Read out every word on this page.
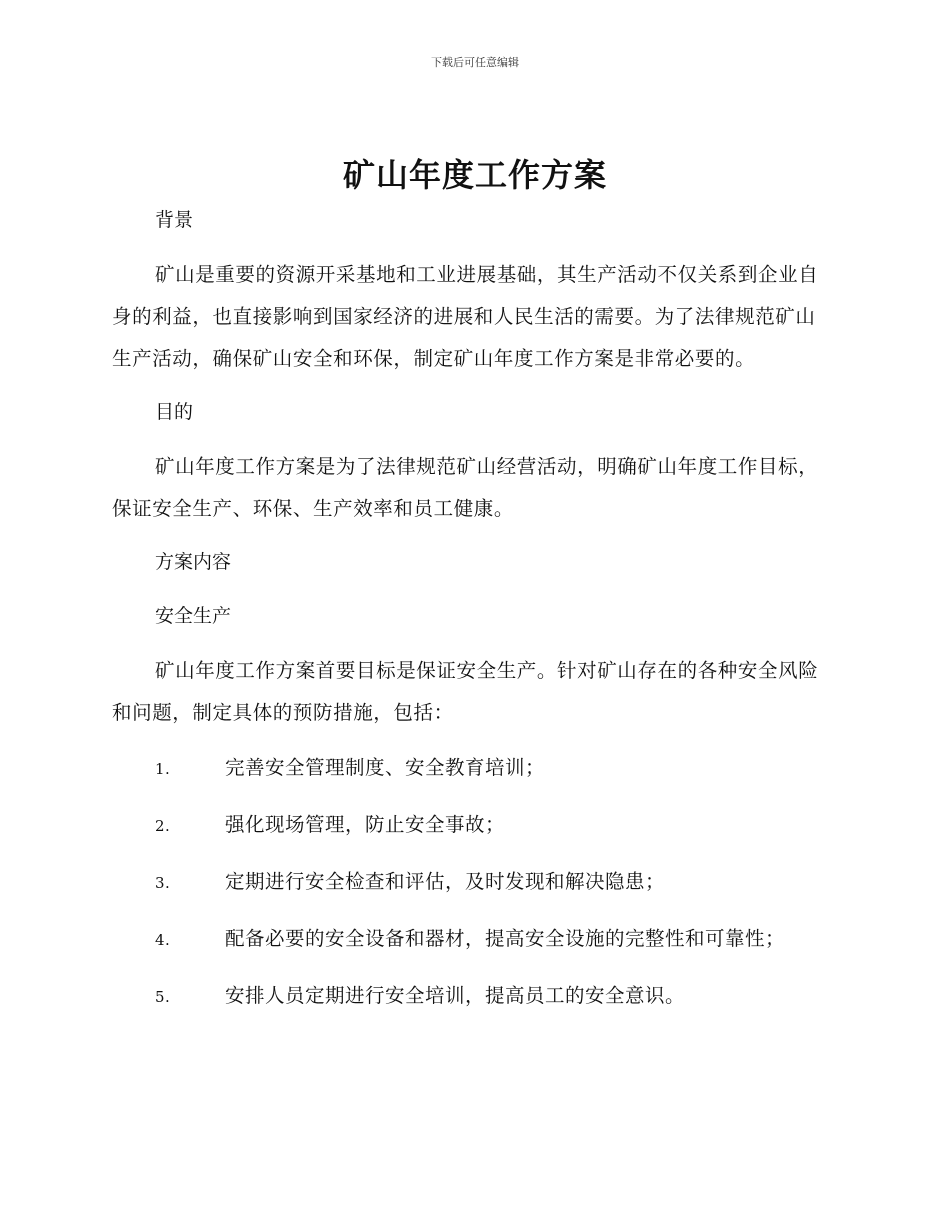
下载后可任意编辑
矿山年度工作方案
背景

矿山是重要的资源开采基地和工业进展基础，其生产活动不仅关系到企业自身的利益，也直接影响到国家经济的进展和人民生活的需要。为了法律规范矿山生产活动，确保矿山安全和环保，制定矿山年度工作方案是非常必要的。

目的

矿山年度工作方案是为了法律规范矿山经营活动，明确矿山年度工作目标，保证安全生产、环保、生产效率和员工健康。

方案内容
安全生产

矿山年度工作方案首要目标是保证安全生产。针对矿山存在的各种安全风险和问题，制定具体的预防措施，包括：

1.	完善安全管理制度、安全教育培训；
2.	强化现场管理，防止安全事故；
3.	定期进行安全检查和评估，及时发现和解决隐患；
4.	配备必要的安全设备和器材，提高安全设施的完整性和可靠性；
5.	安排人员定期进行安全培训，提高员工的安全意识。
